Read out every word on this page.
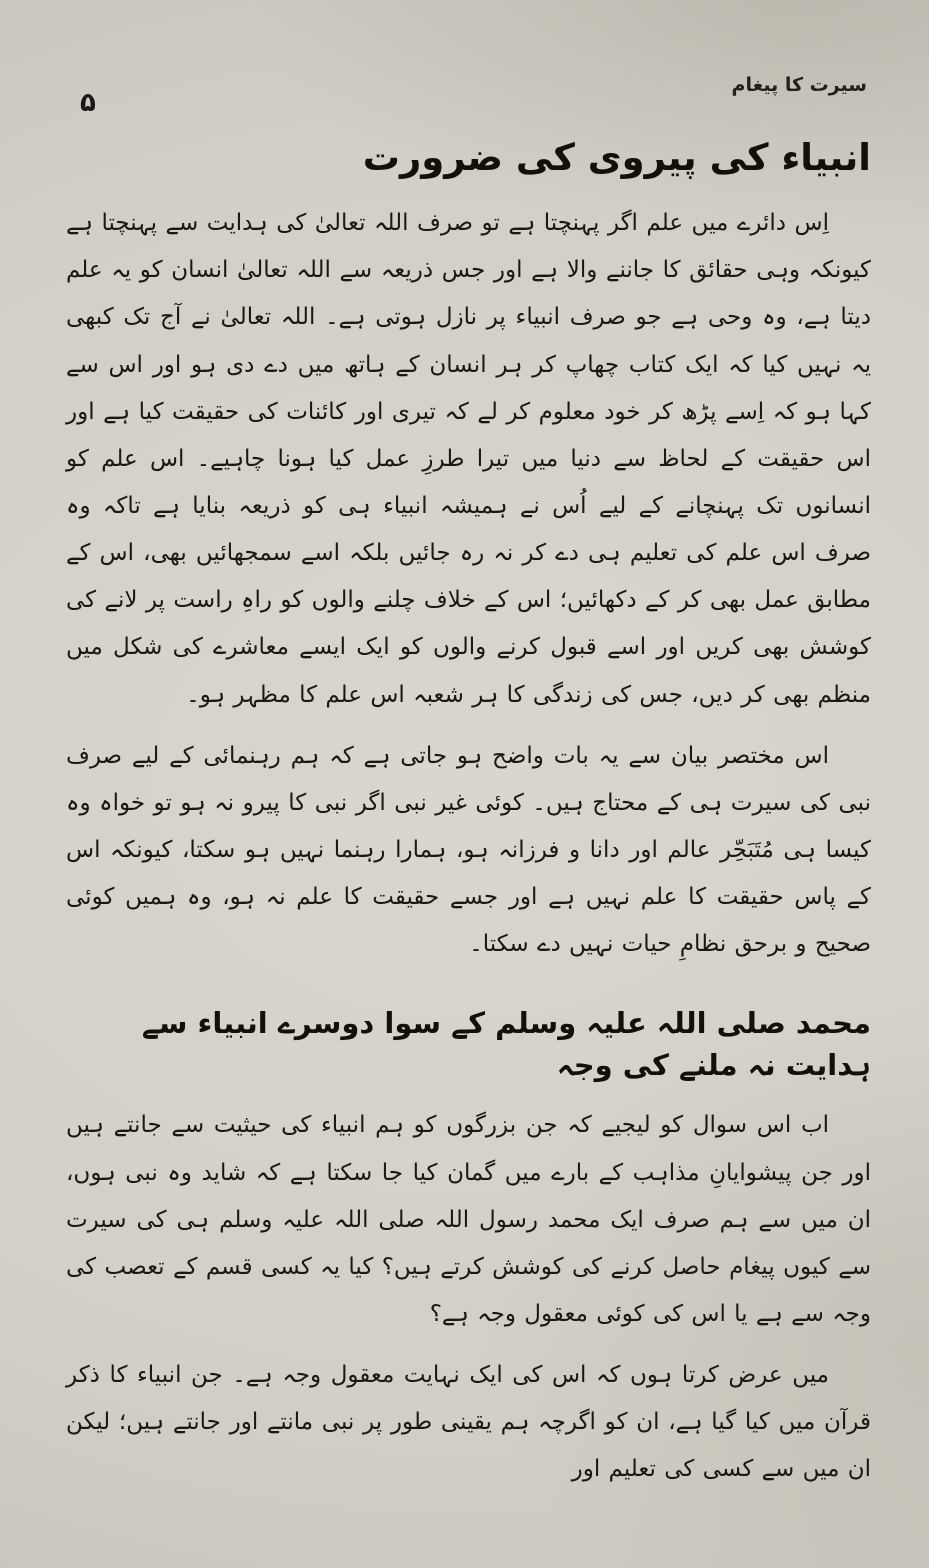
سیرت کا پیغام
۵
انبیاء کی پیروی کی ضرورت

اِس دائرے میں علم اگر پہنچتا ہے تو صرف اللہ تعالیٰ کی ہدایت سے پہنچتا ہے کیونکہ وہی حقائق کا جاننے والا ہے اور جس ذریعہ سے اللہ تعالیٰ انسان کو یہ علم دیتا ہے، وہ وحی ہے جو صرف انبیاء پر نازل ہوتی ہے۔ اللہ تعالیٰ نے آج تک کبھی یہ نہیں کیا کہ ایک کتاب چھاپ کر ہر انسان کے ہاتھ میں دے دی ہو اور اس سے کہا ہو کہ اِسے پڑھ کر خود معلوم کر لے کہ تیری اور کائنات کی حقیقت کیا ہے اور اس حقیقت کے لحاظ سے دنیا میں تیرا طرزِ عمل کیا ہونا چاہیے۔ اس علم کو انسانوں تک پہنچانے کے لیے اُس نے ہمیشہ انبیاء ہی کو ذریعہ بنایا ہے تاکہ وہ صرف اس علم کی تعلیم ہی دے کر نہ رہ جائیں بلکہ اسے سمجھائیں بھی، اس کے مطابق عمل بھی کر کے دکھائیں؛ اس کے خلاف چلنے والوں کو راہِ راست پر لانے کی کوشش بھی کریں اور اسے قبول کرنے والوں کو ایک ایسے معاشرے کی شکل میں منظم بھی کر دیں، جس کی زندگی کا ہر شعبہ اس علم کا مظہر ہو۔

اس مختصر بیان سے یہ بات واضح ہو جاتی ہے کہ ہم رہنمائی کے لیے صرف نبی کی سیرت ہی کے محتاج ہیں۔ کوئی غیر نبی اگر نبی کا پیرو نہ ہو تو خواہ وہ کیسا ہی مُتَبَحِّر عالم اور دانا و فرزانہ ہو، ہمارا رہنما نہیں ہو سکتا، کیونکہ اس کے پاس حقیقت کا علم نہیں ہے اور جسے حقیقت کا علم نہ ہو، وہ ہمیں کوئی صحیح و برحق نظامِ حیات نہیں دے سکتا۔

محمد صلی اللہ علیہ وسلم کے سوا دوسرے انبیاء سے ہدایت نہ ملنے کی وجہ

اب اس سوال کو لیجیے کہ جن بزرگوں کو ہم انبیاء کی حیثیت سے جانتے ہیں اور جن پیشوایانِ مذاہب کے بارے میں گمان کیا جا سکتا ہے کہ شاید وہ نبی ہوں، ان میں سے ہم صرف ایک محمد رسول اللہ صلی اللہ علیہ وسلم ہی کی سیرت سے کیوں پیغام حاصل کرنے کی کوشش کرتے ہیں؟ کیا یہ کسی قسم کے تعصب کی وجہ سے ہے یا اس کی کوئی معقول وجہ ہے؟

میں عرض کرتا ہوں کہ اس کی ایک نہایت معقول وجہ ہے۔ جن انبیاء کا ذکر قرآن میں کیا گیا ہے، ان کو اگرچہ ہم یقینی طور پر نبی مانتے اور جانتے ہیں؛ لیکن ان میں سے کسی کی تعلیم اور
